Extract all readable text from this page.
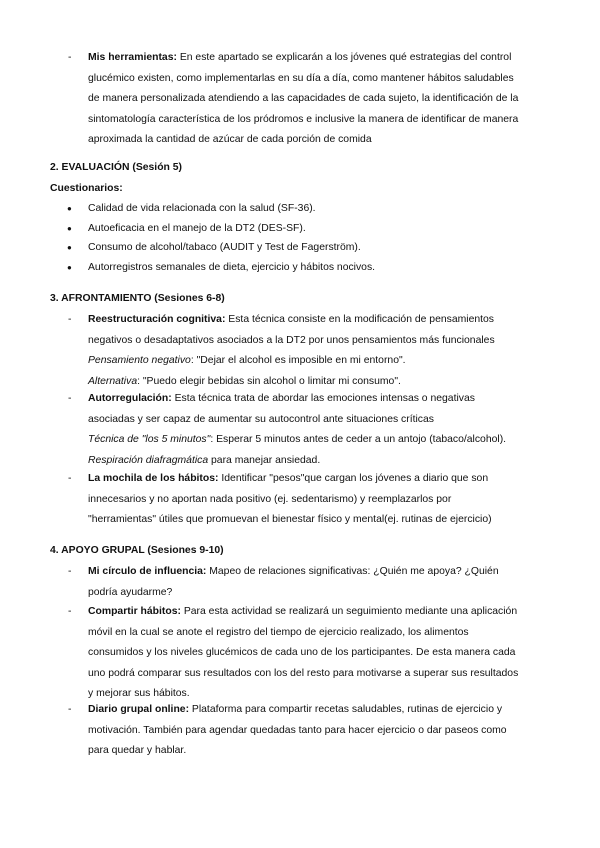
- Mis herramientas: En este apartado se explicarán a los jóvenes qué estrategias del control
glucémico existen, como implementarlas en su día a día, como mantener hábitos saludables
de manera personalizada atendiendo a las capacidades de cada sujeto, la identificación de la
sintomatología característica de los pródromos e inclusive la manera de identificar de manera
aproximada la cantidad de azúcar de cada porción de comida
2. EVALUACIÓN (Sesión 5)
Cuestionarios:
● Calidad de vida relacionada con la salud (SF-36).
● Autoeficacia en el manejo de la DT2 (DES-SF).
● Consumo de alcohol/tabaco (AUDIT y Test de Fagerström).
● Autorregistros semanales de dieta, ejercicio y hábitos nocivos.
3. AFRONTAMIENTO (Sesiones 6-8)
- Reestructuración cognitiva: Esta técnica consiste en la modificación de pensamientos
negativos o desadaptativos asociados a la DT2 por unos pensamientos más funcionales
Pensamiento negativo: "Dejar el alcohol es imposible en mi entorno".
Alternativa: "Puedo elegir bebidas sin alcohol o limitar mi consumo".
- Autorregulación: Esta técnica trata de abordar las emociones intensas o negativas
asociadas y ser capaz de aumentar su autocontrol ante situaciones críticas
Técnica de "los 5 minutos": Esperar 5 minutos antes de ceder a un antojo (tabaco/alcohol).
Respiración diafragmática para manejar ansiedad.
- La mochila de los hábitos: Identificar "pesos"que cargan los jóvenes a diario que son
innecesarios y no aportan nada positivo (ej. sedentarismo) y reemplazarlos por
"herramientas" útiles que promuevan el bienestar físico y mental(ej. rutinas de ejercicio)
4. APOYO GRUPAL (Sesiones 9-10)
- Mi círculo de influencia: Mapeo de relaciones significativas: ¿Quién me apoya? ¿Quién
podría ayudarme?
- Compartir hábitos: Para esta actividad se realizará un seguimiento mediante una aplicación
móvil en la cual se anote el registro del tiempo de ejercicio realizado, los alimentos
consumidos y los niveles glucémicos de cada uno de los participantes. De esta manera cada
uno podrá comparar sus resultados con los del resto para motivarse a superar sus resultados
y mejorar sus hábitos.
- Diario grupal online: Plataforma para compartir recetas saludables, rutinas de ejercicio y
motivación. También para agendar quedadas tanto para hacer ejercicio o dar paseos como
para quedar y hablar.
